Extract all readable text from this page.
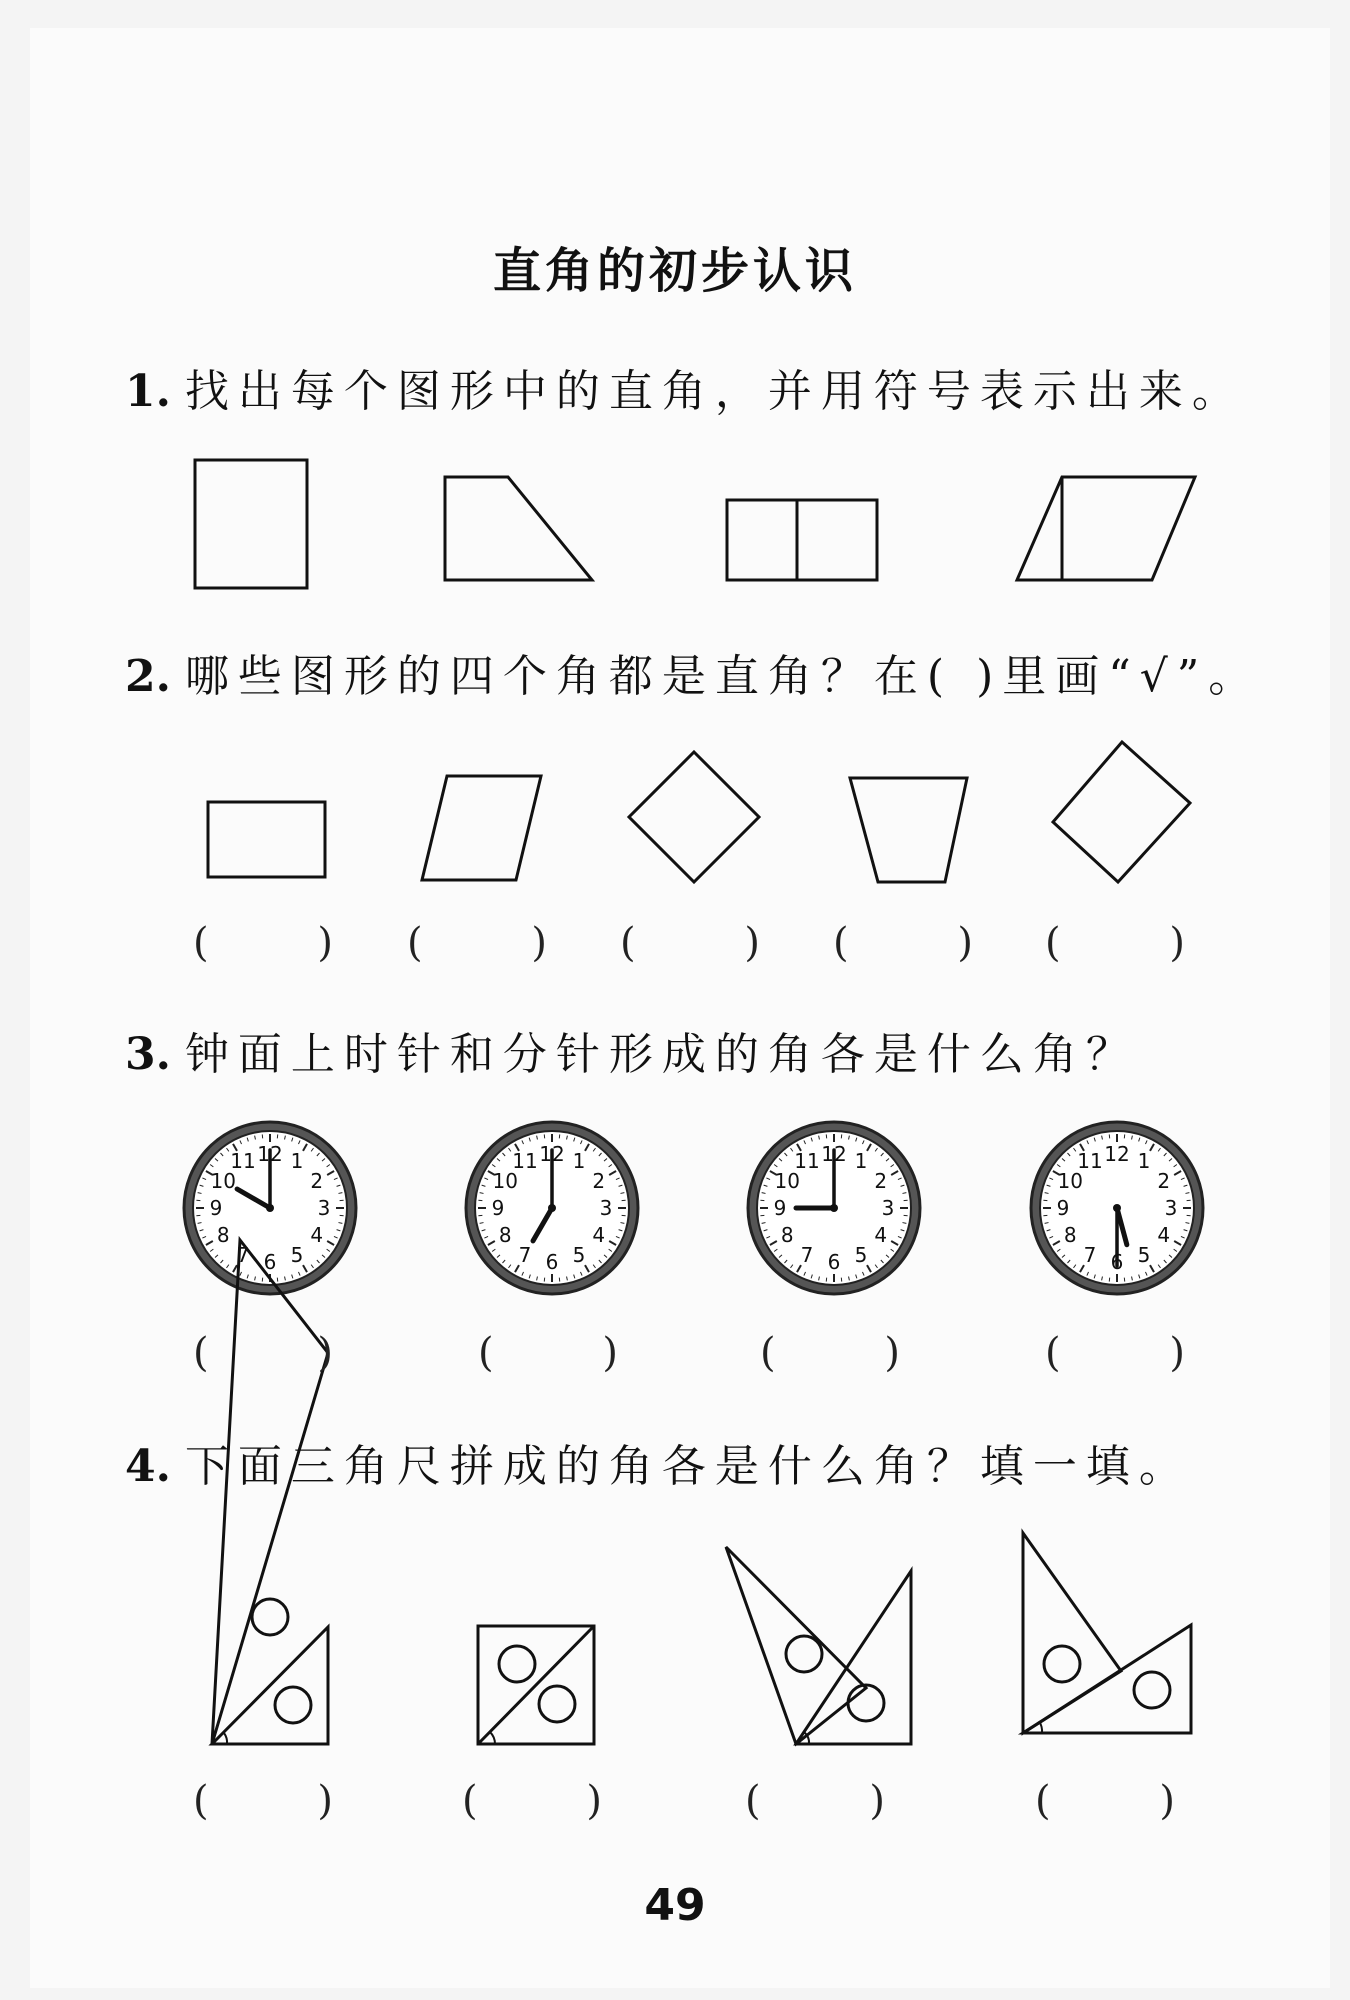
直角的初步认识
1. 找出每个图形中的直角，并用符号表示出来。
2. 哪些图形的四个角都是直角？在( )里画“√”。
3. 钟面上时针和分针形成的角各是什么角？
4. 下面三角尺拼成的角各是什么角？填一填。
12 1
2
3
4
5
6
7
8
9
10
11	12 1
2
3
4
5
6
7
8
9
10
11	12 1
2
3
4
5
6
7
8
9
10
11	12 1
2
3
4
5
6
7
8
9
10
11
(	) (	) (	) (	) (	)
(	)	(	)	(	)	(	)
(	)	(	)	(	)	(	)
49
